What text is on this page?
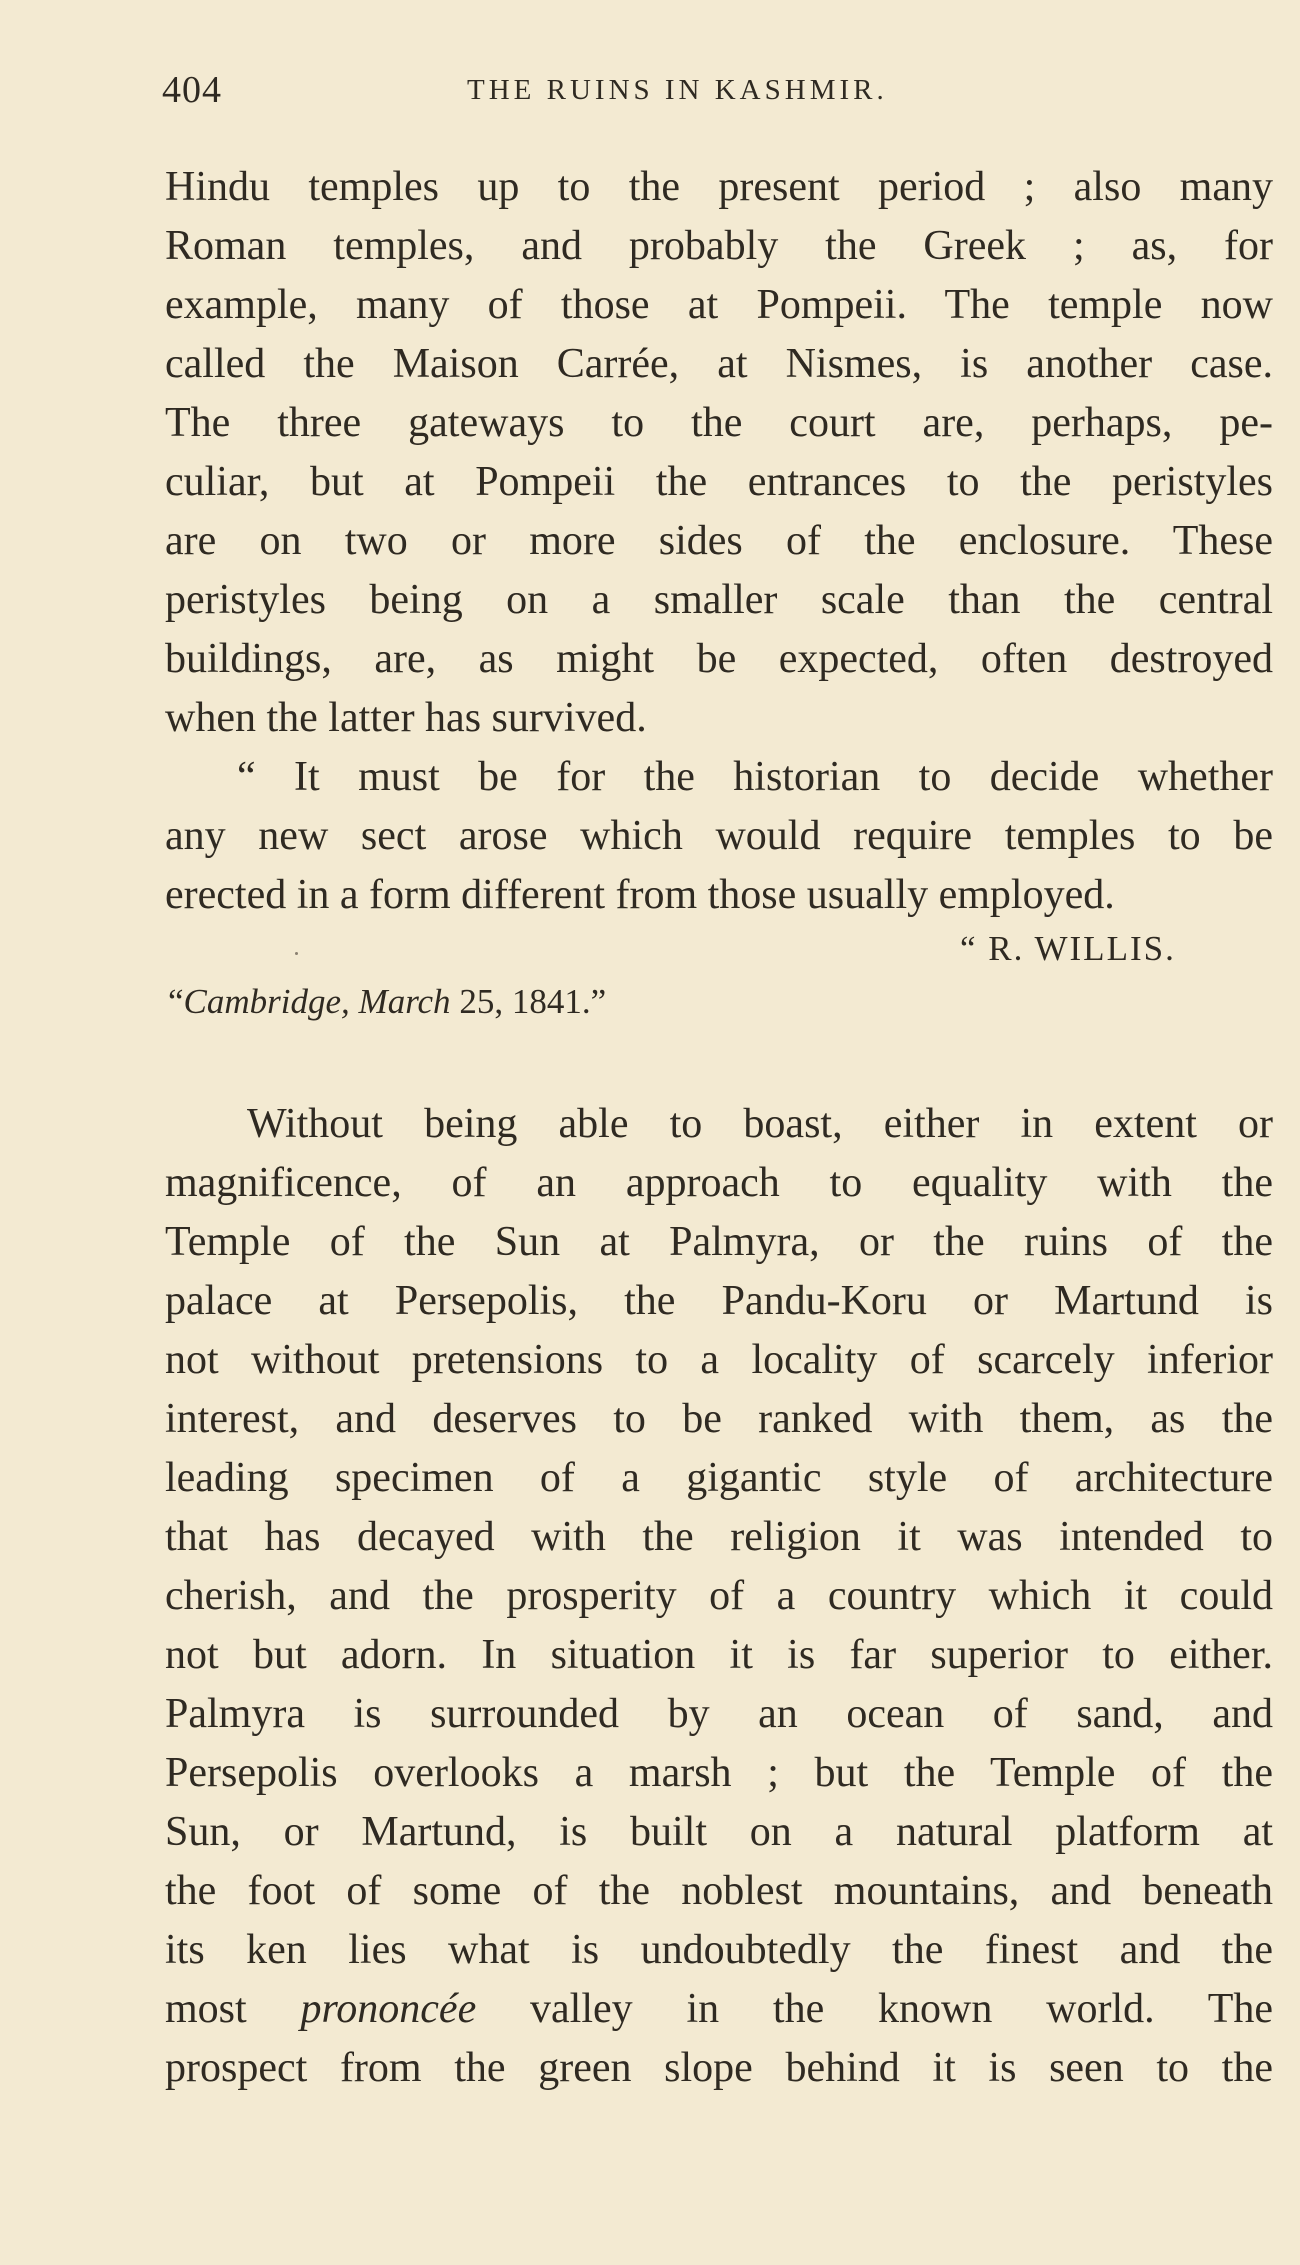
404	THE RUINS IN KASHMIR.
Hindu temples up to the present period ; also many
Roman temples, and probably the Greek ; as, for
example, many of those at Pompeii. The temple now
called the Maison Carrée, at Nismes, is another case.
The three gateways to the court are, perhaps, pe-
culiar, but at Pompeii the entrances to the peristyles
are on two or more sides of the enclosure. These
peristyles being on a smaller scale than the central
buildings, are, as might be expected, often destroyed
when the latter has survived.
“ It must be for the historian to decide whether
any new sect arose which would require temples to be
erected in a form different from those usually employed.
“ R. WILLIS.
“Cambridge, March 25, 1841.”
Without being able to boast, either in extent or
magnificence, of an approach to equality with the
Temple of the Sun at Palmyra, or the ruins of the
palace at Persepolis, the Pandu-Koru or Martund is
not without pretensions to a locality of scarcely inferior
interest, and deserves to be ranked with them, as the
leading specimen of a gigantic style of architecture
that has decayed with the religion it was intended to
cherish, and the prosperity of a country which it could
not but adorn. In situation it is far superior to either.
Palmyra is surrounded by an ocean of sand, and
Persepolis overlooks a marsh ; but the Temple of the
Sun, or Martund, is built on a natural platform at
the foot of some of the noblest mountains, and beneath
its ken lies what is undoubtedly the finest and the
most prononcée valley in the known world. The
prospect from the green slope behind it is seen to the
